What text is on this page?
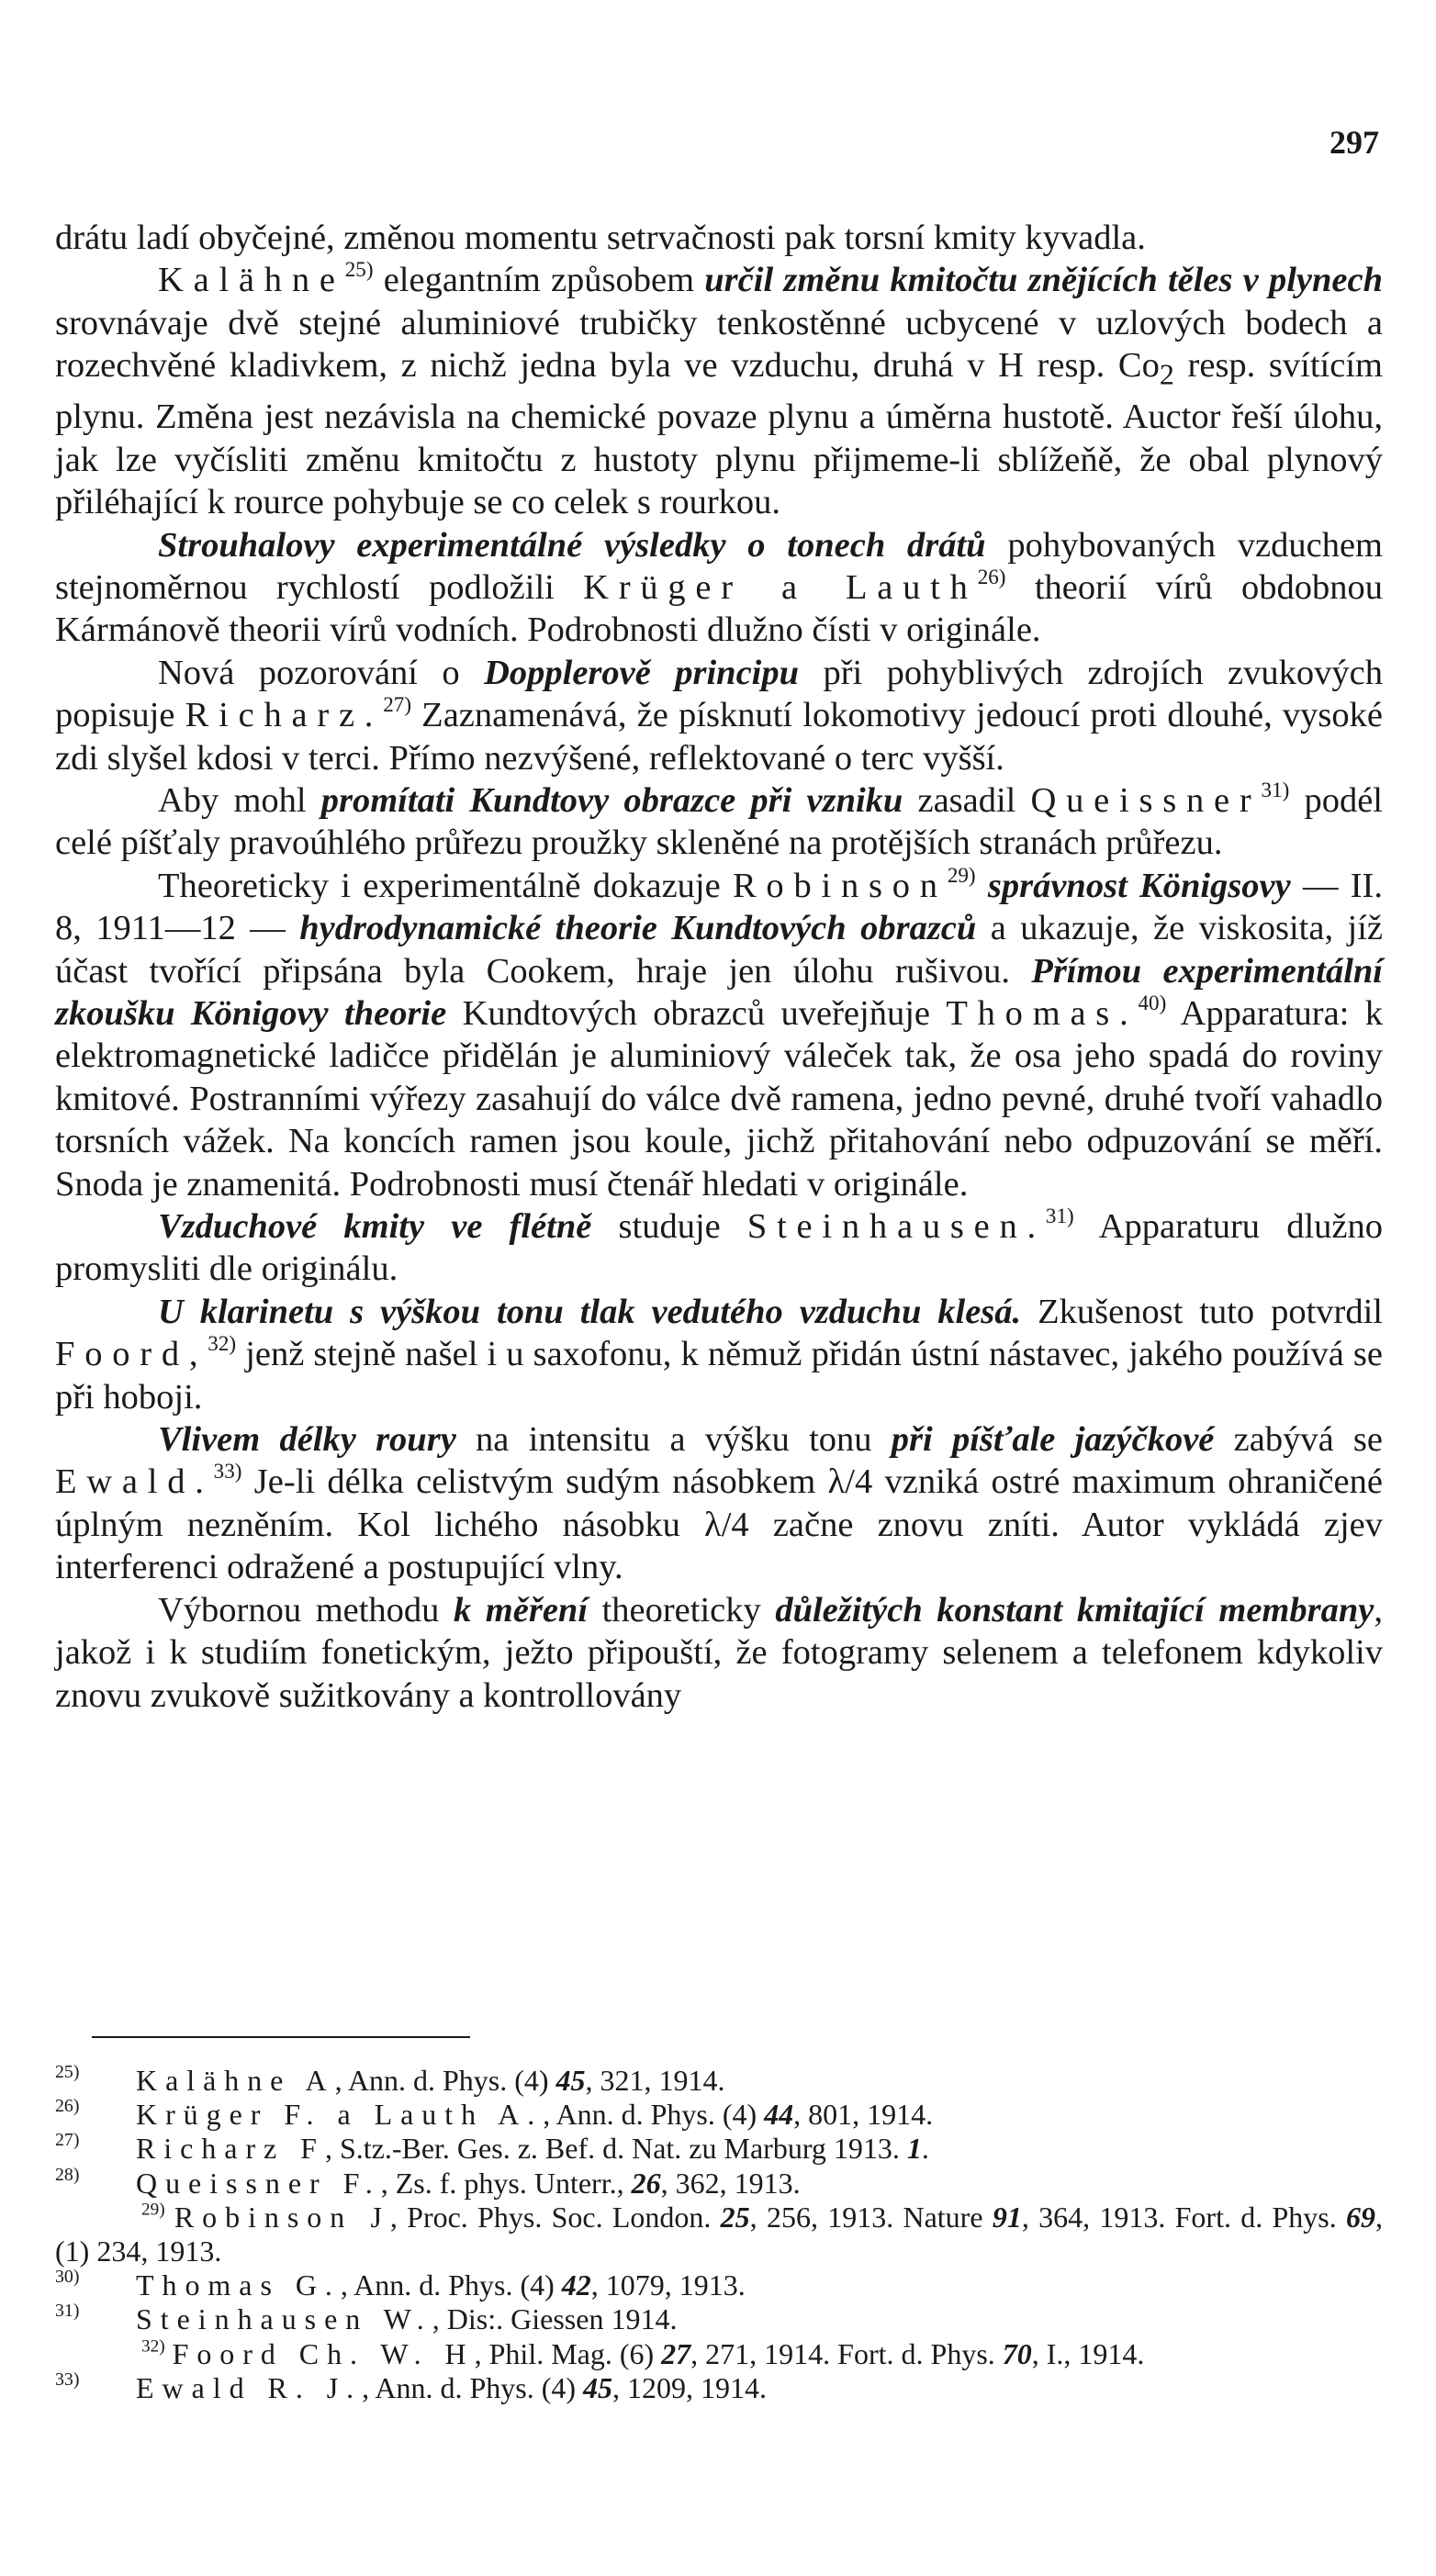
297

drátu ladí obyčejné, změnou momentu setrvačnosti pak torsní kmity kyvadla.

Kalähne$^{25)}$ elegantním způsobem určil změnu kmitočtu znějících těles v plynech srovnávaje dvě stejné aluminiové trubičky tenkostěnné ucbycené v uzlových bodech a rozechvěné kladivkem, z nichž jedna byla ve vzduchu, druhá v H resp. $Co_2$ resp. svítícím plynu. Změna jest nezávisla na chemické povaze plynu a úměrna hustotě. Auctor řeší úlohu, jak lze vyčísliti změnu kmitočtu z hustoty plynu přijmeme-li sblížeňě, že obal plynový přiléhající k rource pohybuje se co celek s rourkou.

Strouhalovy experimentálné výsledky o tonech drátů pohybovaných vzduchem stejnoměrnou rychlostí podložili Krüger a Lauth$^{26)}$ theorií vírů obdobnou Kármánově theorii vírů vodních. Podrobnosti dlužno čísti v originále.

Nová pozorování o Dopplerově principu při pohyblivých zdrojích zvukových popisuje Richarz.$^{27)}$ Zaznamenává, že písknutí lokomotivy jedoucí proti dlouhé, vysoké zdi slyšel kdosi v terci. Přímo nezvýšené, reflektované o terc vyšší.

Aby mohl promítati Kundtovy obrazce při vzniku zasadil Queissner$^{31)}$ podél celé píšťaly pravoúhlého průřezu proužky skleněné na protějších stranách průřezu.

Theoreticky i experimentálně dokazuje Robinson$^{29)}$ správnost Königsovy — II. 8, 1911—12 — hydrodynamické theorie Kundtových obrazců a ukazuje, že viskosita, jíž účast tvořící připsána byla Cookem, hraje jen úlohu rušivou. Přímou experimentální zkoušku Königovy theorie Kundtových obrazců uveřejňuje Thomas.$^{40)}$ Apparatura: k elektromagnetické ladičce přidělán je aluminiový váleček tak, že osa jeho spadá do roviny kmitové. Postranními výřezy zasahují do válce dvě ramena, jedno pevné, druhé tvoří vahadlo torsních vážek. Na koncích ramen jsou koule, jichž přitahování nebo odpuzování se měří. Snoda je znamenitá. Podrobnosti musí čtenář hledati v originále.

Vzduchové kmity ve flétně studuje Steinhausen.$^{31)}$ Apparaturu dlužno promysliti dle originálu.

U klarinetu s výškou tonu tlak vedutého vzduchu klesá. Zkušenost tuto potvrdil Foord,$^{32)}$ jenž stejně našel i u saxofonu, k němuž přidán ústní nástavec, jakého používá se při hoboji.

Vlivem délky roury na intensitu a výšku tonu při píšťale jazýčkové zabývá se Ewald.$^{33)}$ Je-li délka celistvým sudým násobkem λ/4 vzniká ostré maximum ohraničené úplným nezněním. Kol lichého násobku λ/4 začne znovu zníti. Autor vykládá zjev interferenci odražené a postupující vlny.

Výbornou methodu k měření theoreticky důležitých konstant kmitající membrany, jakož i k studiím fonetickým, ježto připouští, že fotogramy selenem a telefonem kdykoliv znovu zvukově sužitkovány a kontrollovány

$^{25)}$ Kalähne A, Ann. d. Phys. (4) 45, 321, 1914.

$^{26)}$ Krüger F. a Lauth A., Ann. d. Phys. (4) 44, 801, 1914.

$^{27)}$ Richarz F, S.tz.-Ber. Ges. z. Bef. d. Nat. zu Marburg 1913. 1.

$^{28)}$ Queissner F., Zs. f. phys. Unterr., 26, 362, 1913.

$^{29)}$ Robinson J, Proc. Phys. Soc. London. 25, 256, 1913. Nature 91, 364, 1913. Fort. d. Phys. 69, (1) 234, 1913.

$^{30)}$ Thomas G., Ann. d. Phys. (4) 42, 1079, 1913.

$^{31)}$ Steinhausen W., Dis:. Giessen 1914.

$^{32)}$ Foord Ch. W. H, Phil. Mag. (6) 27, 271, 1914. Fort. d. Phys. 70, I., 1914.

$^{33)}$ Ewald R. J., Ann. d. Phys. (4) 45, 1209, 1914.
